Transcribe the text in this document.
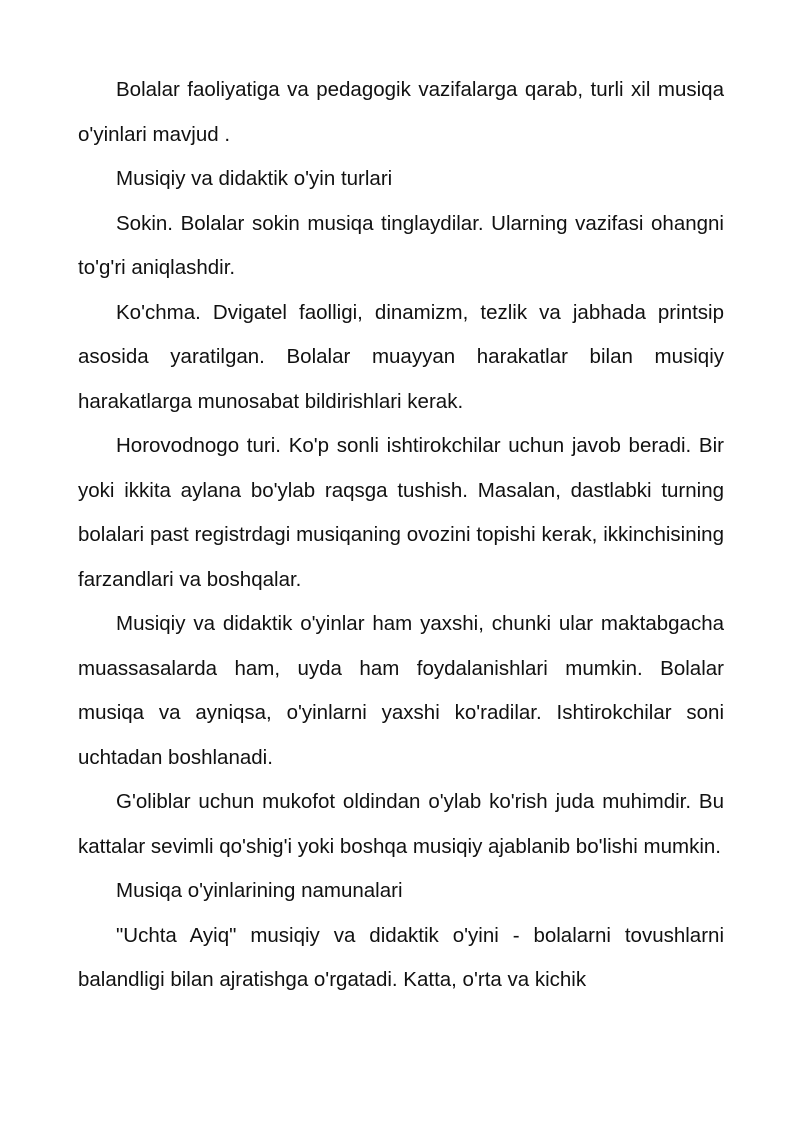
Bolalar faoliyatiga va pedagogik vazifalarga qarab, turli xil musiqa o'yinlari mavjud .

Musiqiy va didaktik o'yin turlari

Sokin. Bolalar sokin musiqa tinglaydilar. Ularning vazifasi ohangni to'g'ri aniqlashdir.

Ko'chma. Dvigatel faolligi, dinamizm, tezlik va jabhada printsip asosida yaratilgan. Bolalar muayyan harakatlar bilan musiqiy harakatlarga munosabat bildirishlari kerak.

Horovodnogo turi. Ko'p sonli ishtirokchilar uchun javob beradi. Bir yoki ikkita aylana bo'ylab raqsga tushish. Masalan, dastlabki turning bolalari past registrdagi musiqaning ovozini topishi kerak, ikkinchisining farzandlari va boshqalar.

Musiqiy va didaktik o'yinlar ham yaxshi, chunki ular maktabgacha muassasalarda ham, uyda ham foydalanishlari mumkin. Bolalar musiqa va ayniqsa, o'yinlarni yaxshi ko'radilar. Ishtirokchilar soni uchtadan boshlanadi.

G'oliblar uchun mukofot oldindan o'ylab ko'rish juda muhimdir. Bu kattalar sevimli qo'shig'i yoki boshqa musiqiy ajablanib bo'lishi mumkin.

Musiqa o'yinlarining namunalari

"Uchta Ayiq" musiqiy va didaktik o'yini - bolalarni tovushlarni balandligi bilan ajratishga o'rgatadi. Katta, o'rta va kichik
